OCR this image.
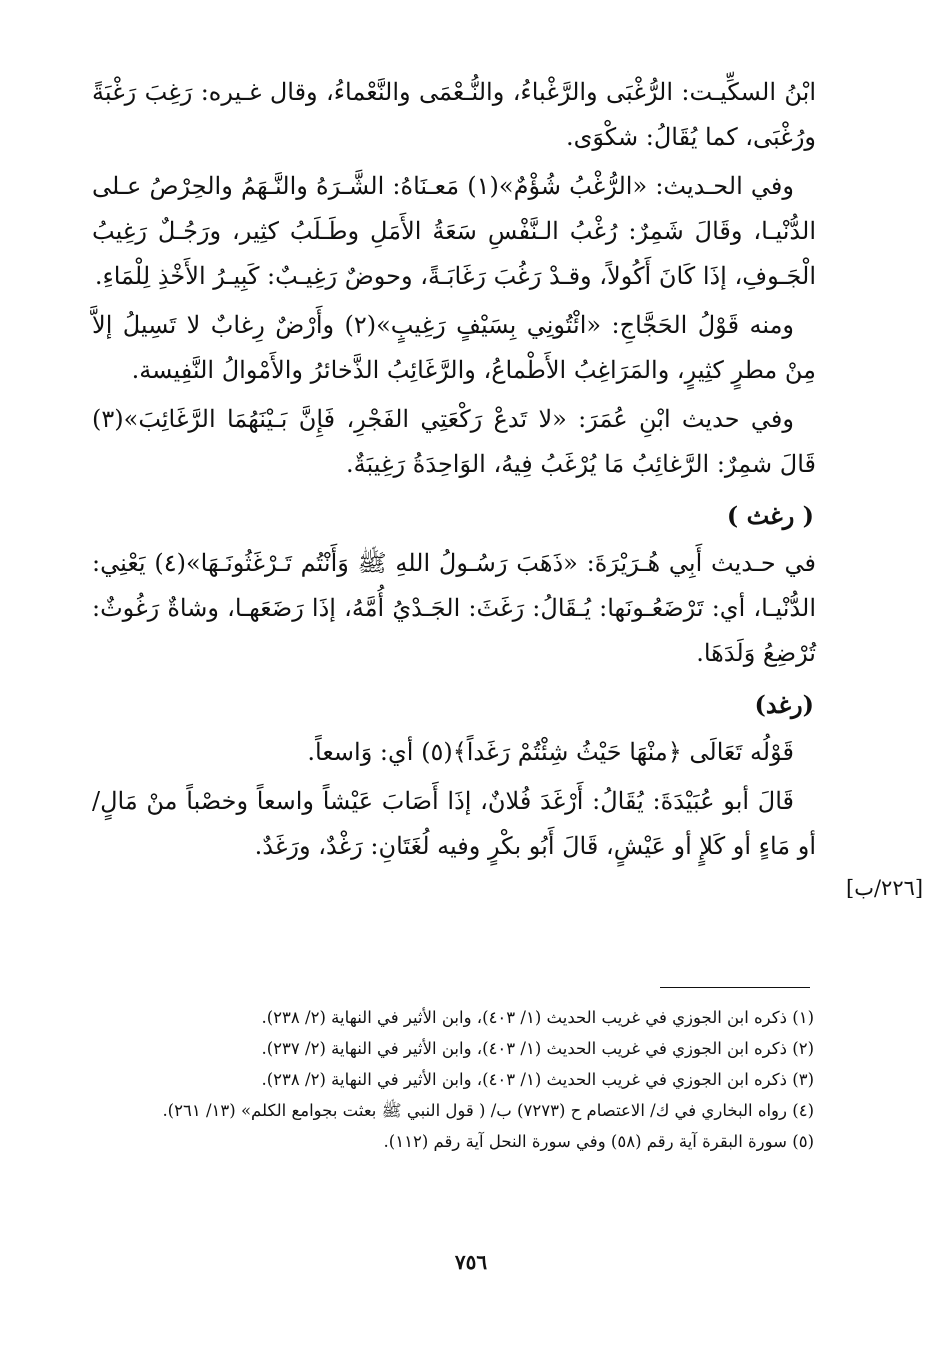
ابْنُ السكِّيـت: الرُّغْبَى والرَّغْباءُ، والنُّـعْمَى والنَّعْماءُ، وقال غـيره: رَغِبَ رَغْبَةً ورُغْبَى، كما يُقَالُ: شكْوَى.

وفي الحـديث: «الرُّغْبُ شُؤْمٌ»(١) مَعـنَاهُ: الشَّـرَهُ والنَّـهَمُ والحِرْصُ عـلى الدُّنْيـا، وقَالَ شَمِرٌ: رُغْبُ الـنَّفْسِ سَعَةُ الأَمَلِ وطَـلَبُ كثِير، ورَجُـلٌ رَغِيبُ الْجَـوفِ، إذَا كَانَ أَكُولاً، وقـدْ رَغُبَ رَغَابَـةً، وحوضٌ رَغِيـبٌ: كَبِيـرُ الأَخْذِ لِلْمَاءِ.

ومنه قَوْلُ الحَجَّاجِ: «ائْتُونِي بِسَيْفٍ رَغِيبٍ»(٢) وأَرْضٌ رِغابٌ لا تَسِيلُ إلاَّ مِنْ مطرٍ كثِيرٍ، والمَرَاغِبُ الأَطْماعُ، والرَّغَائِبُ الذَّخائرُ والأَمْوالُ النَّفِيسة.

وفي حديث ابْنِ عُمَرَ: «لا تَدعْ رَكْعَتِي الفَجْرِ، فَإِنَّ بَـيْنَهُمَا الرَّغَائِبَ»(٣) قَالَ شمِرٌ: الرَّغائِبُ مَا يُرْغَبُ فِيهُ، الوَاحِدَةُ رَغِيبَةٌ.

( رغث )

في حـديث أَبِي هُـرَيْرَةَ: «ذَهَبَ رَسُـولُ اللهِ ﷺ وَأَنْتُم تَـرْغَثُونَـهَا»(٤) يَعْنِي: الدُّنْيـا، أي: تَرْضَعُـونَها: يُـقَالُ: رَغَثَ: الجَـدْيُ أُمَّهُ، إذَا رَضَعَهـا، وشاةٌ رَغُوثٌ: تُرْضِعُ وَلَدَهَا.

(رغد)

قَوْلُه تَعَالَى ﴿منْهَا حَيْثُ شِئْتُمْ رَغَداً﴾(٥) أي: وَاسعاً.

قَالَ أبو عُبَيْدَةَ: يُقَالُ: أَرْغَدَ فُلانٌ، إذَا أَصَابَ عَيْشاً واسعاً وخصْباً منْ مَالٍ/ أو مَاءٍ أو كَلإٍ أو عَيْشٍ، قَالَ أَبُو بكْرٍ وفيه لُغَتَانِ: رَغْدٌ، ورَغَدٌ.

[٢٢٦/ب]

(١) ذكره ابن الجوزي في غريب الحديث (١/ ٤٠٣)، وابن الأثير في النهاية (٢/ ٢٣٨).

(٢) ذكره ابن الجوزي في غريب الحديث (١/ ٤٠٣)، وابن الأثير في النهاية (٢/ ٢٣٧).

(٣) ذكره ابن الجوزي في غريب الحديث (١/ ٤٠٣)، وابن الأثير في النهاية (٢/ ٢٣٨).

(٤) رواه البخاري في ك/ الاعتصام ح (٧٢٧٣) ب/ ( قول النبي ﷺ بعثت بجوامع الكلم» (١٣/ ٢٦١).

(٥) سورة البقرة آية رقم (٥٨) وفي سورة النحل آية رقم (١١٢).

٧٥٦
